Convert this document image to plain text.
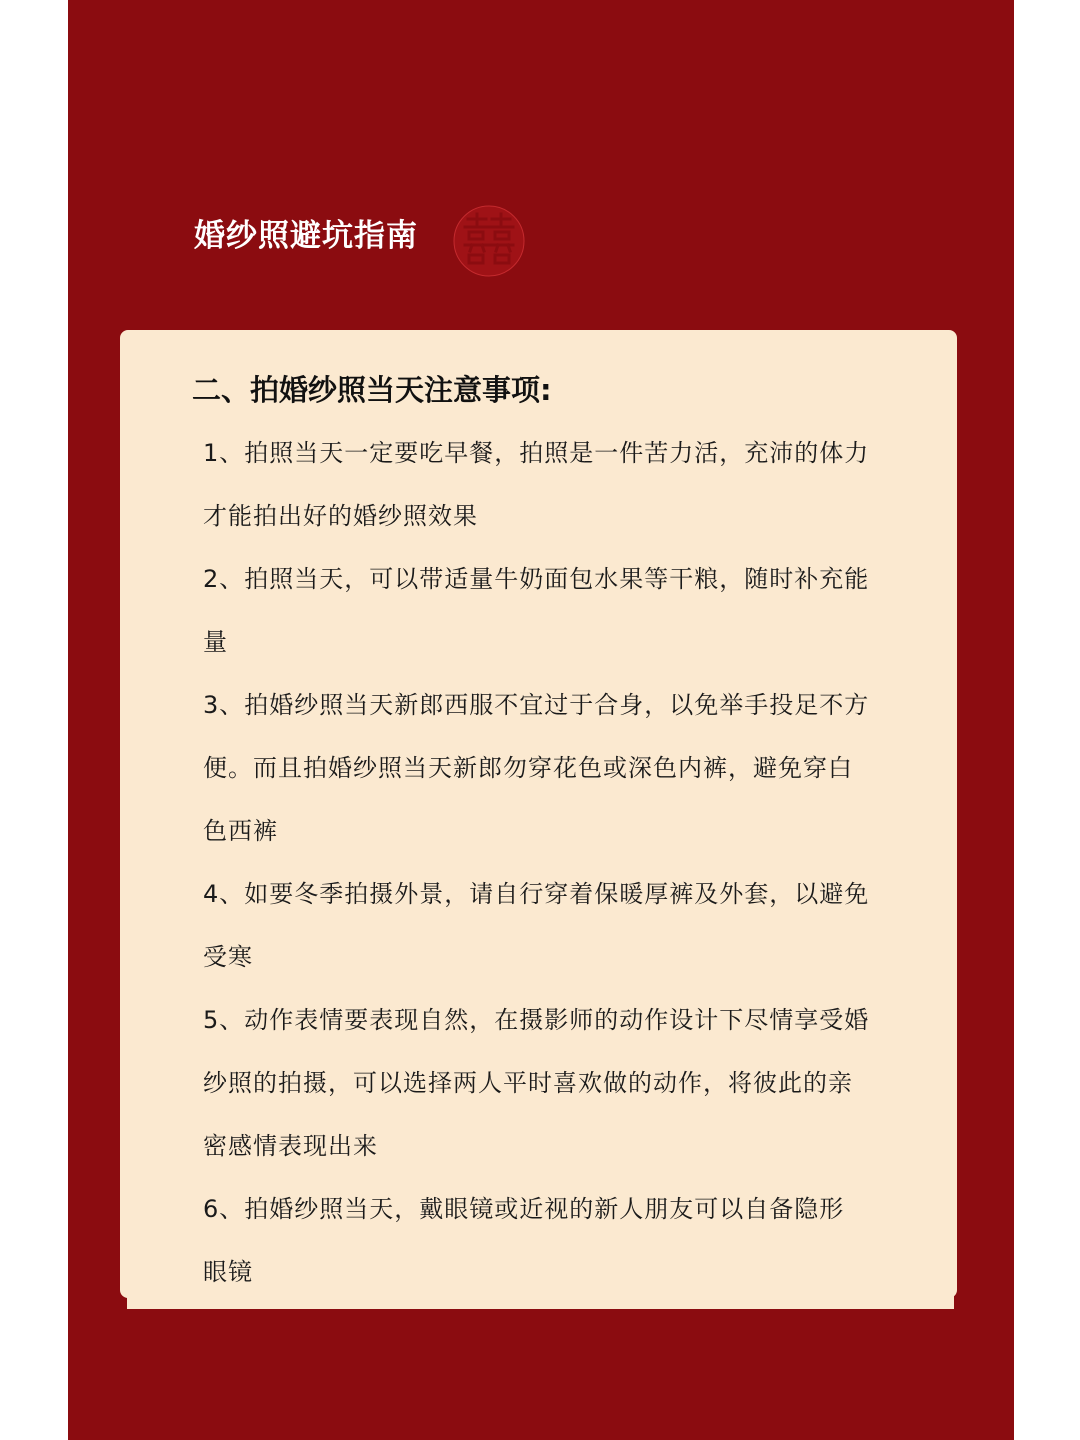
婚纱照避坑指南
二、拍婚纱照当天注意事项:
1、拍照当天一定要吃早餐，拍照是一件苦力活，充沛的体力
才能拍出好的婚纱照效果
2、拍照当天，可以带适量牛奶面包水果等干粮，随时补充能
量
3、拍婚纱照当天新郎西服不宜过于合身，以免举手投足不方
便。而且拍婚纱照当天新郎勿穿花色或深色内裤，避免穿白
色西裤
4、如要冬季拍摄外景，请自行穿着保暖厚裤及外套，以避免
受寒
5、动作表情要表现自然，在摄影师的动作设计下尽情享受婚
纱照的拍摄，可以选择两人平时喜欢做的动作，将彼此的亲
密感情表现出来
6、拍婚纱照当天，戴眼镜或近视的新人朋友可以自备隐形
眼镜
